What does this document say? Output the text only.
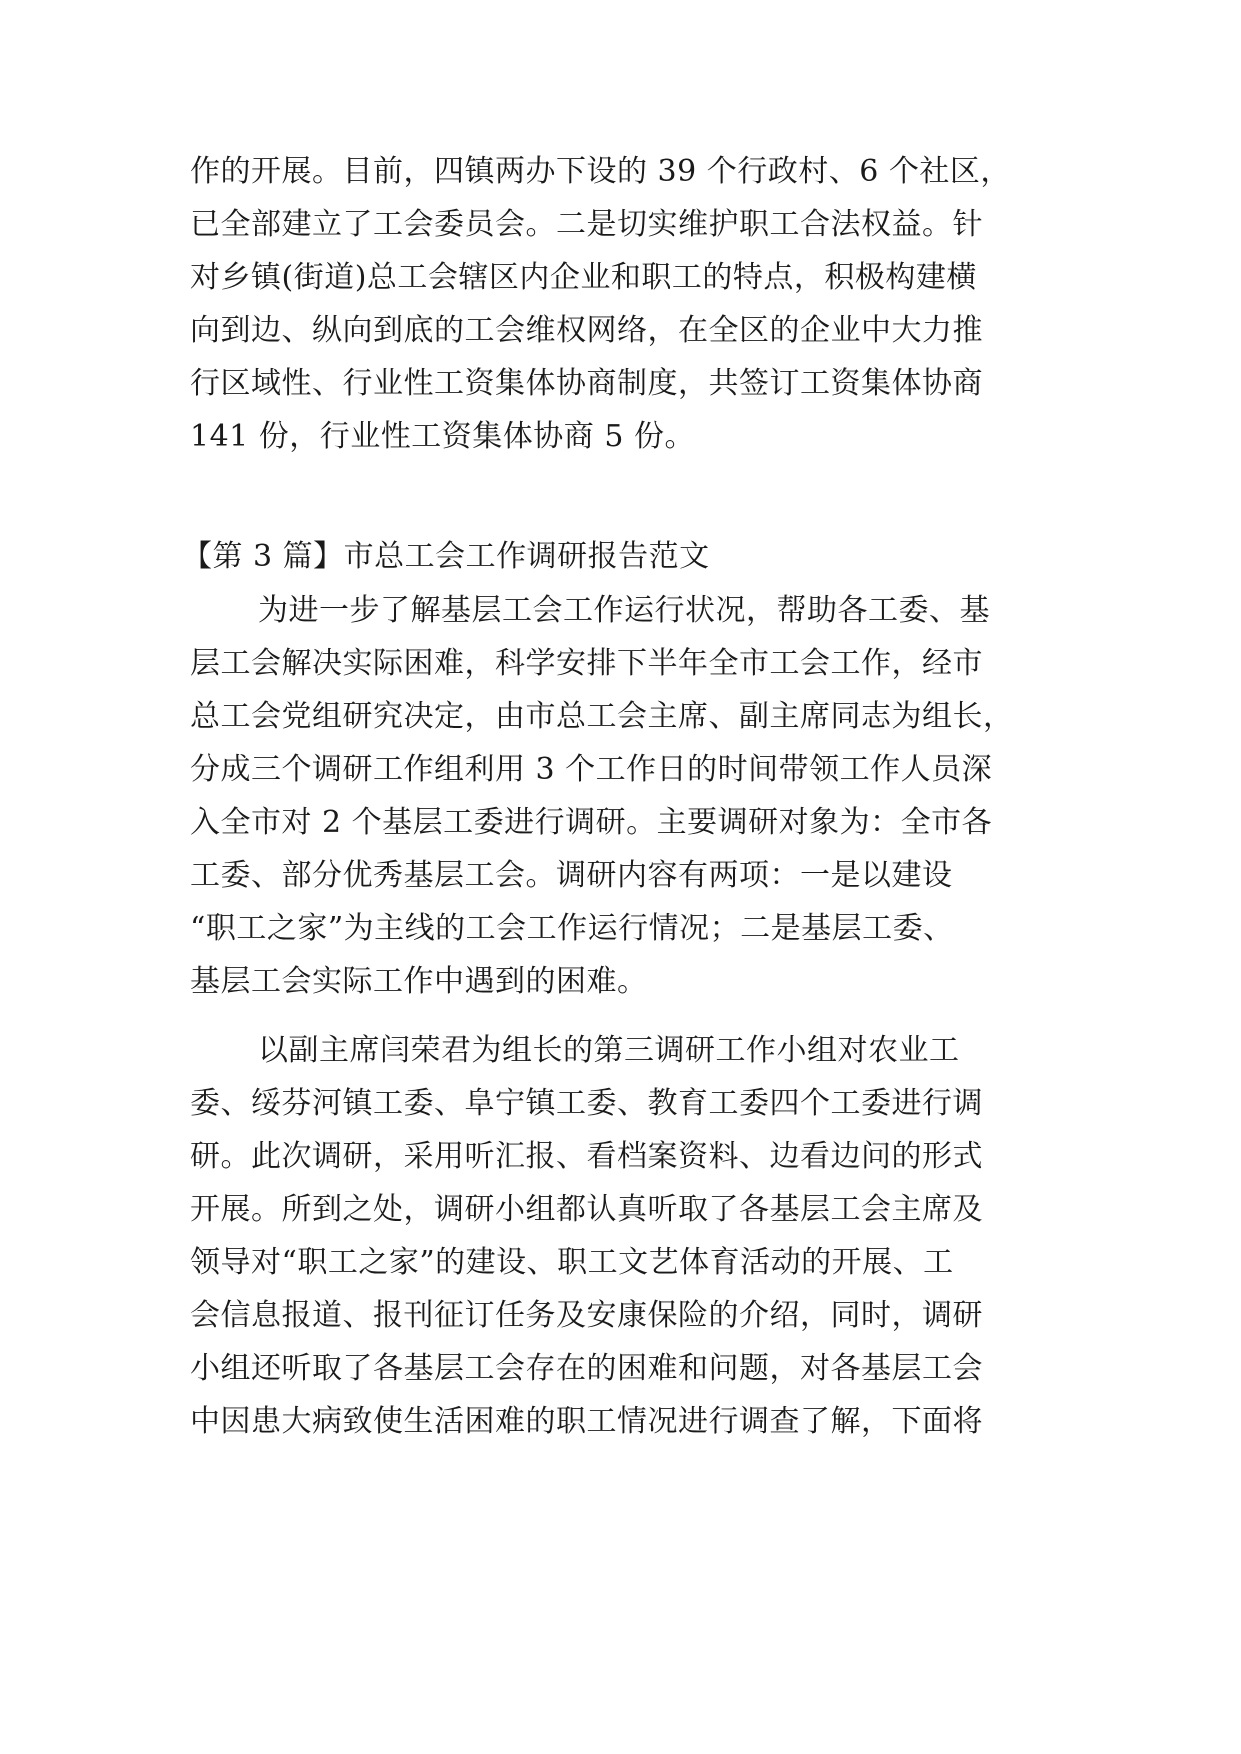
作的开展。目前，四镇两办下设的 39 个行政村、6 个社区，
已全部建立了工会委员会。二是切实维护职工合法权益。针
对乡镇(街道)总工会辖区内企业和职工的特点，积极构建横
向到边、纵向到底的工会维权网络，在全区的企业中大力推
行区域性、行业性工资集体协商制度，共签订工资集体协商
141 份，行业性工资集体协商 5 份。
【第 3 篇】市总工会工作调研报告范文
为进一步了解基层工会工作运行状况，帮助各工委、基
层工会解决实际困难，科学安排下半年全市工会工作，经市
总工会党组研究决定，由市总工会主席、副主席同志为组长，
分成三个调研工作组利用 3 个工作日的时间带领工作人员深
入全市对 2 个基层工委进行调研。主要调研对象为：全市各
工委、部分优秀基层工会。调研内容有两项：一是以建设
“职工之家”为主线的工会工作运行情况；二是基层工委、
基层工会实际工作中遇到的困难。
以副主席闫荣君为组长的第三调研工作小组对农业工
委、绥芬河镇工委、阜宁镇工委、教育工委四个工委进行调
研。此次调研，采用听汇报、看档案资料、边看边问的形式
开展。所到之处，调研小组都认真听取了各基层工会主席及
领导对“职工之家”的建设、职工文艺体育活动的开展、工
会信息报道、报刊征订任务及安康保险的介绍，同时，调研
小组还听取了各基层工会存在的困难和问题，对各基层工会
中因患大病致使生活困难的职工情况进行调查了解，下面将
